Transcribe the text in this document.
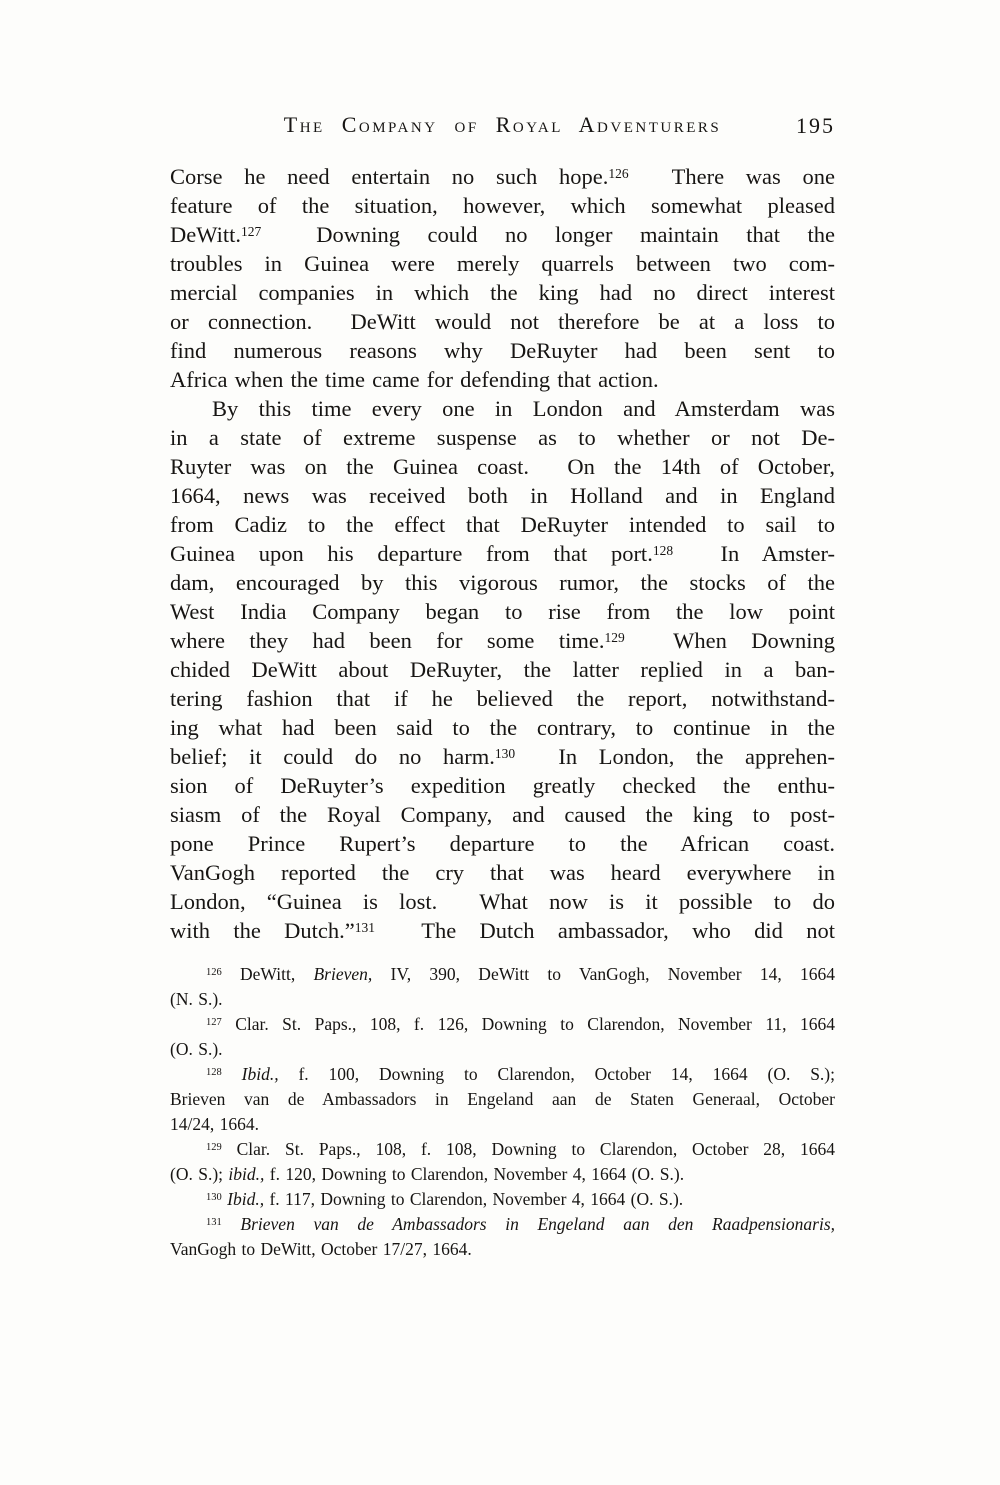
The Company of Royal Adventurers	195
Corse he need entertain no such hope.$^{126}$  There was one
feature of the situation, however, which somewhat pleased
DeWitt.$^{127}$  Downing could no longer maintain that the
troubles in Guinea were merely quarrels between two com-
mercial companies in which the king had no direct interest
or connection.  DeWitt would not therefore be at a loss to
find numerous reasons why DeRuyter had been sent to
Africa when the time came for defending that action.
By this time every one in London and Amsterdam was
in a state of extreme suspense as to whether or not De-
Ruyter was on the Guinea coast.  On the 14th of October,
1664, news was received both in Holland and in England
from Cadiz to the effect that DeRuyter intended to sail to
Guinea upon his departure from that port.$^{128}$  In Amster-
dam, encouraged by this vigorous rumor, the stocks of the
West India Company began to rise from the low point
where they had been for some time.$^{129}$  When Downing
chided DeWitt about DeRuyter, the latter replied in a ban-
tering fashion that if he believed the report, notwithstand-
ing what had been said to the contrary, to continue in the
belief; it could do no harm.$^{130}$  In London, the apprehen-
sion of DeRuyter’s expedition greatly checked the enthu-
siasm of the Royal Company, and caused the king to post-
pone Prince Rupert’s departure to the African coast.
VanGogh reported the cry that was heard everywhere in
London, “Guinea is lost.  What now is it possible to do
with the Dutch.”$^{131}$  The Dutch ambassador, who did not
$^{126}$ DeWitt, Brieven, IV, 390, DeWitt to VanGogh, November 14, 1664
(N. S.).
$^{127}$ Clar. St. Paps., 108, f. 126, Downing to Clarendon, November 11, 1664
(O. S.).
$^{128}$ Ibid., f. 100, Downing to Clarendon, October 14, 1664 (O. S.);
Brieven van de Ambassadors in Engeland aan de Staten Generaal, October
14/24, 1664.
$^{129}$ Clar. St. Paps., 108, f. 108, Downing to Clarendon, October 28, 1664
(O. S.); ibid., f. 120, Downing to Clarendon, November 4, 1664 (O. S.).
$^{130}$ Ibid., f. 117, Downing to Clarendon, November 4, 1664 (O. S.).
$^{131}$ Brieven van de Ambassadors in Engeland aan den Raadpensionaris,
VanGogh to DeWitt, October 17/27, 1664.
